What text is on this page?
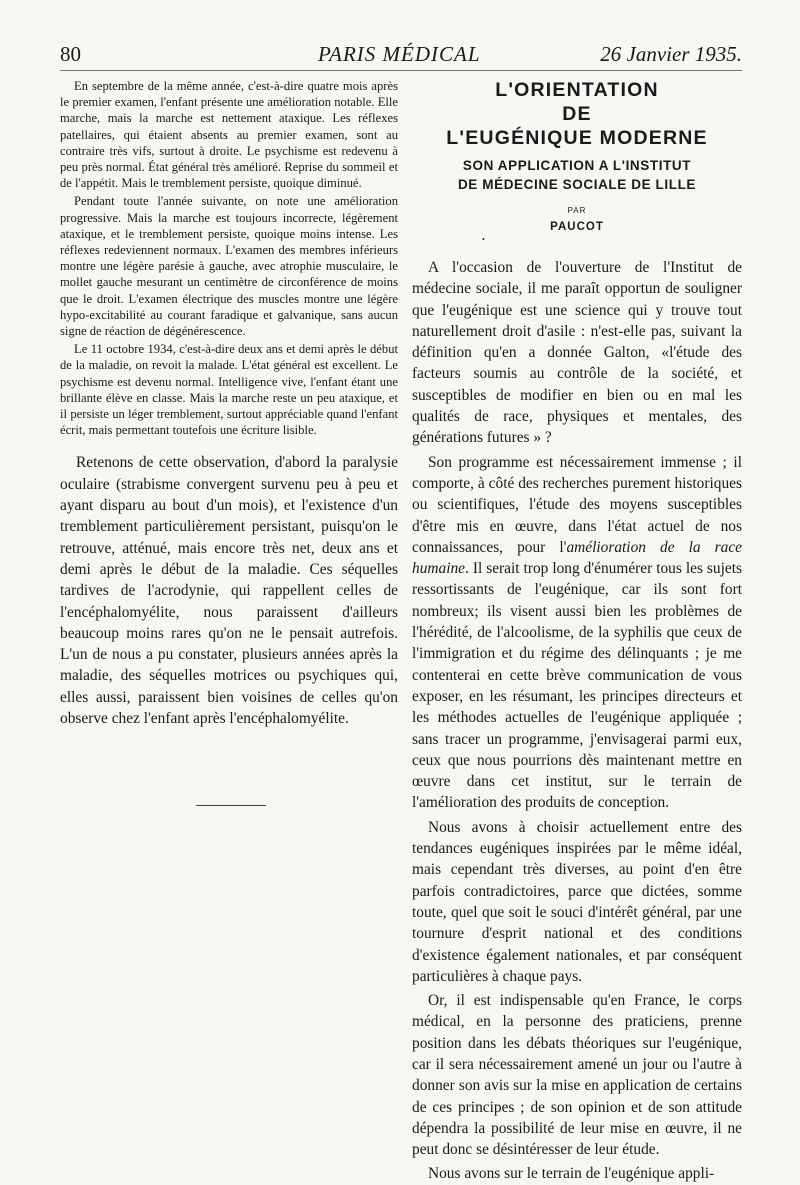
80	PARIS MÉDICAL	26 Janvier 1935.

En septembre de la même année, c'est-à-dire quatre mois après le premier examen, l'enfant présente une amélioration notable. Elle marche, mais la marche est nettement ataxique. Les réflexes patellaires, qui étaient absents au premier examen, sont au contraire très vifs, surtout à droite. Le psychisme est redevenu à peu près normal. État général très amélioré. Reprise du sommeil et de l'appétit. Mais le tremblement persiste, quoique diminué.

Pendant toute l'année suivante, on note une amélioration progressive. Mais la marche est toujours incorrecte, légèrement ataxique, et le tremblement persiste, quoique moins intense. Les réflexes redeviennent normaux. L'examen des membres inférieurs montre une légère parésie à gauche, avec atrophie musculaire, le mollet gauche mesurant un centimètre de circonférence de moins que le droit. L'examen électrique des muscles montre une légère hypo-excitabilité au courant faradique et galvanique, sans aucun signe de réaction de dégénérescence.

Le 11 octobre 1934, c'est-à-dire deux ans et demi après le début de la maladie, on revoit la malade. L'état général est excellent. Le psychisme est devenu normal. Intelligence vive, l'enfant étant une brillante élève en classe. Mais la marche reste un peu ataxique, et il persiste un léger tremblement, surtout appréciable quand l'enfant écrit, mais permettant toutefois une écriture lisible.

Retenons de cette observation, d'abord la paralysie oculaire (strabisme convergent survenu peu à peu et ayant disparu au bout d'un mois), et l'existence d'un tremblement particulièrement persistant, puisqu'on le retrouve, atténué, mais encore très net, deux ans et demi après le début de la maladie. Ces séquelles tardives de l'acrodynie, qui rappellent celles de l'encéphalomyélite, nous paraissent d'ailleurs beaucoup moins rares qu'on ne le pensait autrefois. L'un de nous a pu constater, plusieurs années après la maladie, des séquelles motrices ou psychiques qui, elles aussi, paraissent bien voisines de celles qu'on observe chez l'enfant après l'encéphalomyélite.

L'ORIENTATION
DE
L'EUGÉNIQUE MODERNE
SON APPLICATION A L'INSTITUT
DE MÉDECINE SOCIALE DE LILLE
PAR
PAUCOT
•

A l'occasion de l'ouverture de l'Institut de médecine sociale, il me paraît opportun de souligner que l'eugénique est une science qui y trouve tout naturellement droit d'asile : n'est-elle pas, suivant la définition qu'en a donnée Galton, «l'étude des facteurs soumis au contrôle de la société, et susceptibles de modifier en bien ou en mal les qualités de race, physiques et mentales, des générations futures » ?

Son programme est nécessairement immense ; il comporte, à côté des recherches purement historiques ou scientifiques, l'étude des moyens susceptibles d'être mis en œuvre, dans l'état actuel de nos connaissances, pour l'amélioration de la race humaine. Il serait trop long d'énumérer tous les sujets ressortissants de l'eugénique, car ils sont fort nombreux; ils visent aussi bien les problèmes de l'hérédité, de l'alcoolisme, de la syphilis que ceux de l'immigration et du régime des délinquants ; je me contenterai en cette brève communication de vous exposer, en les résumant, les principes directeurs et les méthodes actuelles de l'eugénique appliquée ; sans tracer un programme, j'envisagerai parmi eux, ceux que nous pourrions dès maintenant mettre en œuvre dans cet institut, sur le terrain de l'amélioration des produits de conception.

Nous avons à choisir actuellement entre des tendances eugéniques inspirées par le même idéal, mais cependant très diverses, au point d'en être parfois contradictoires, parce que dictées, somme toute, quel que soit le souci d'intérêt général, par une tournure d'esprit national et des conditions d'existence également nationales, et par conséquent particulières à chaque pays.

Or, il est indispensable qu'en France, le corps médical, en la personne des praticiens, prenne position dans les débats théoriques sur l'eugénique, car il sera nécessairement amené un jour ou l'autre à donner son avis sur la mise en application de certains de ces principes ; de son opinion et de son attitude dépendra la possibilité de leur mise en œuvre, il ne peut donc se désintéresser de leur étude.

Nous avons sur le terrain de l'eugénique appli-
